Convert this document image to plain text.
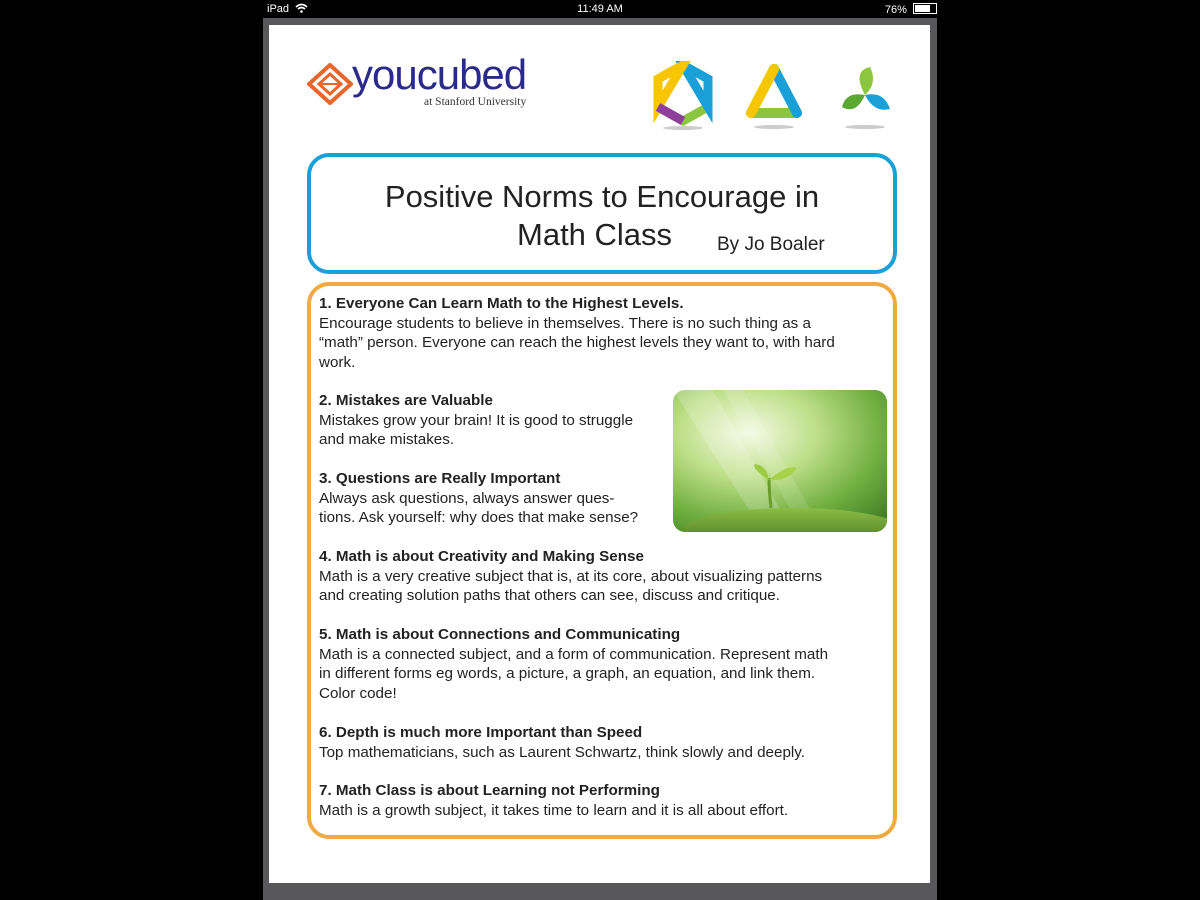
iPad	11:49 AM	76%
youcubed
at Stanford University
Positive Norms to Encourage in
Math Class By Jo Boaler
1. Everyone Can Learn Math to the Highest Levels.
Encourage students to believe in themselves. There is no such thing as a
“math” person. Everyone can reach the highest levels they want to, with hard
work.
2. Mistakes are Valuable
Mistakes grow your brain! It is good to struggle
and make mistakes.
3. Questions are Really Important
Always ask questions, always answer ques-
tions. Ask yourself: why does that make sense?
4. Math is about Creativity and Making Sense
Math is a very creative subject that is, at its core, about visualizing patterns
and creating solution paths that others can see, discuss and critique.
5. Math is about Connections and Communicating
Math is a connected subject, and a form of communication. Represent math
in different forms eg words, a picture, a graph, an equation, and link them.
Color code!
6. Depth is much more Important than Speed
Top mathematicians, such as Laurent Schwartz, think slowly and deeply.
7. Math Class is about Learning not Performing
Math is a growth subject, it takes time to learn and it is all about effort.
